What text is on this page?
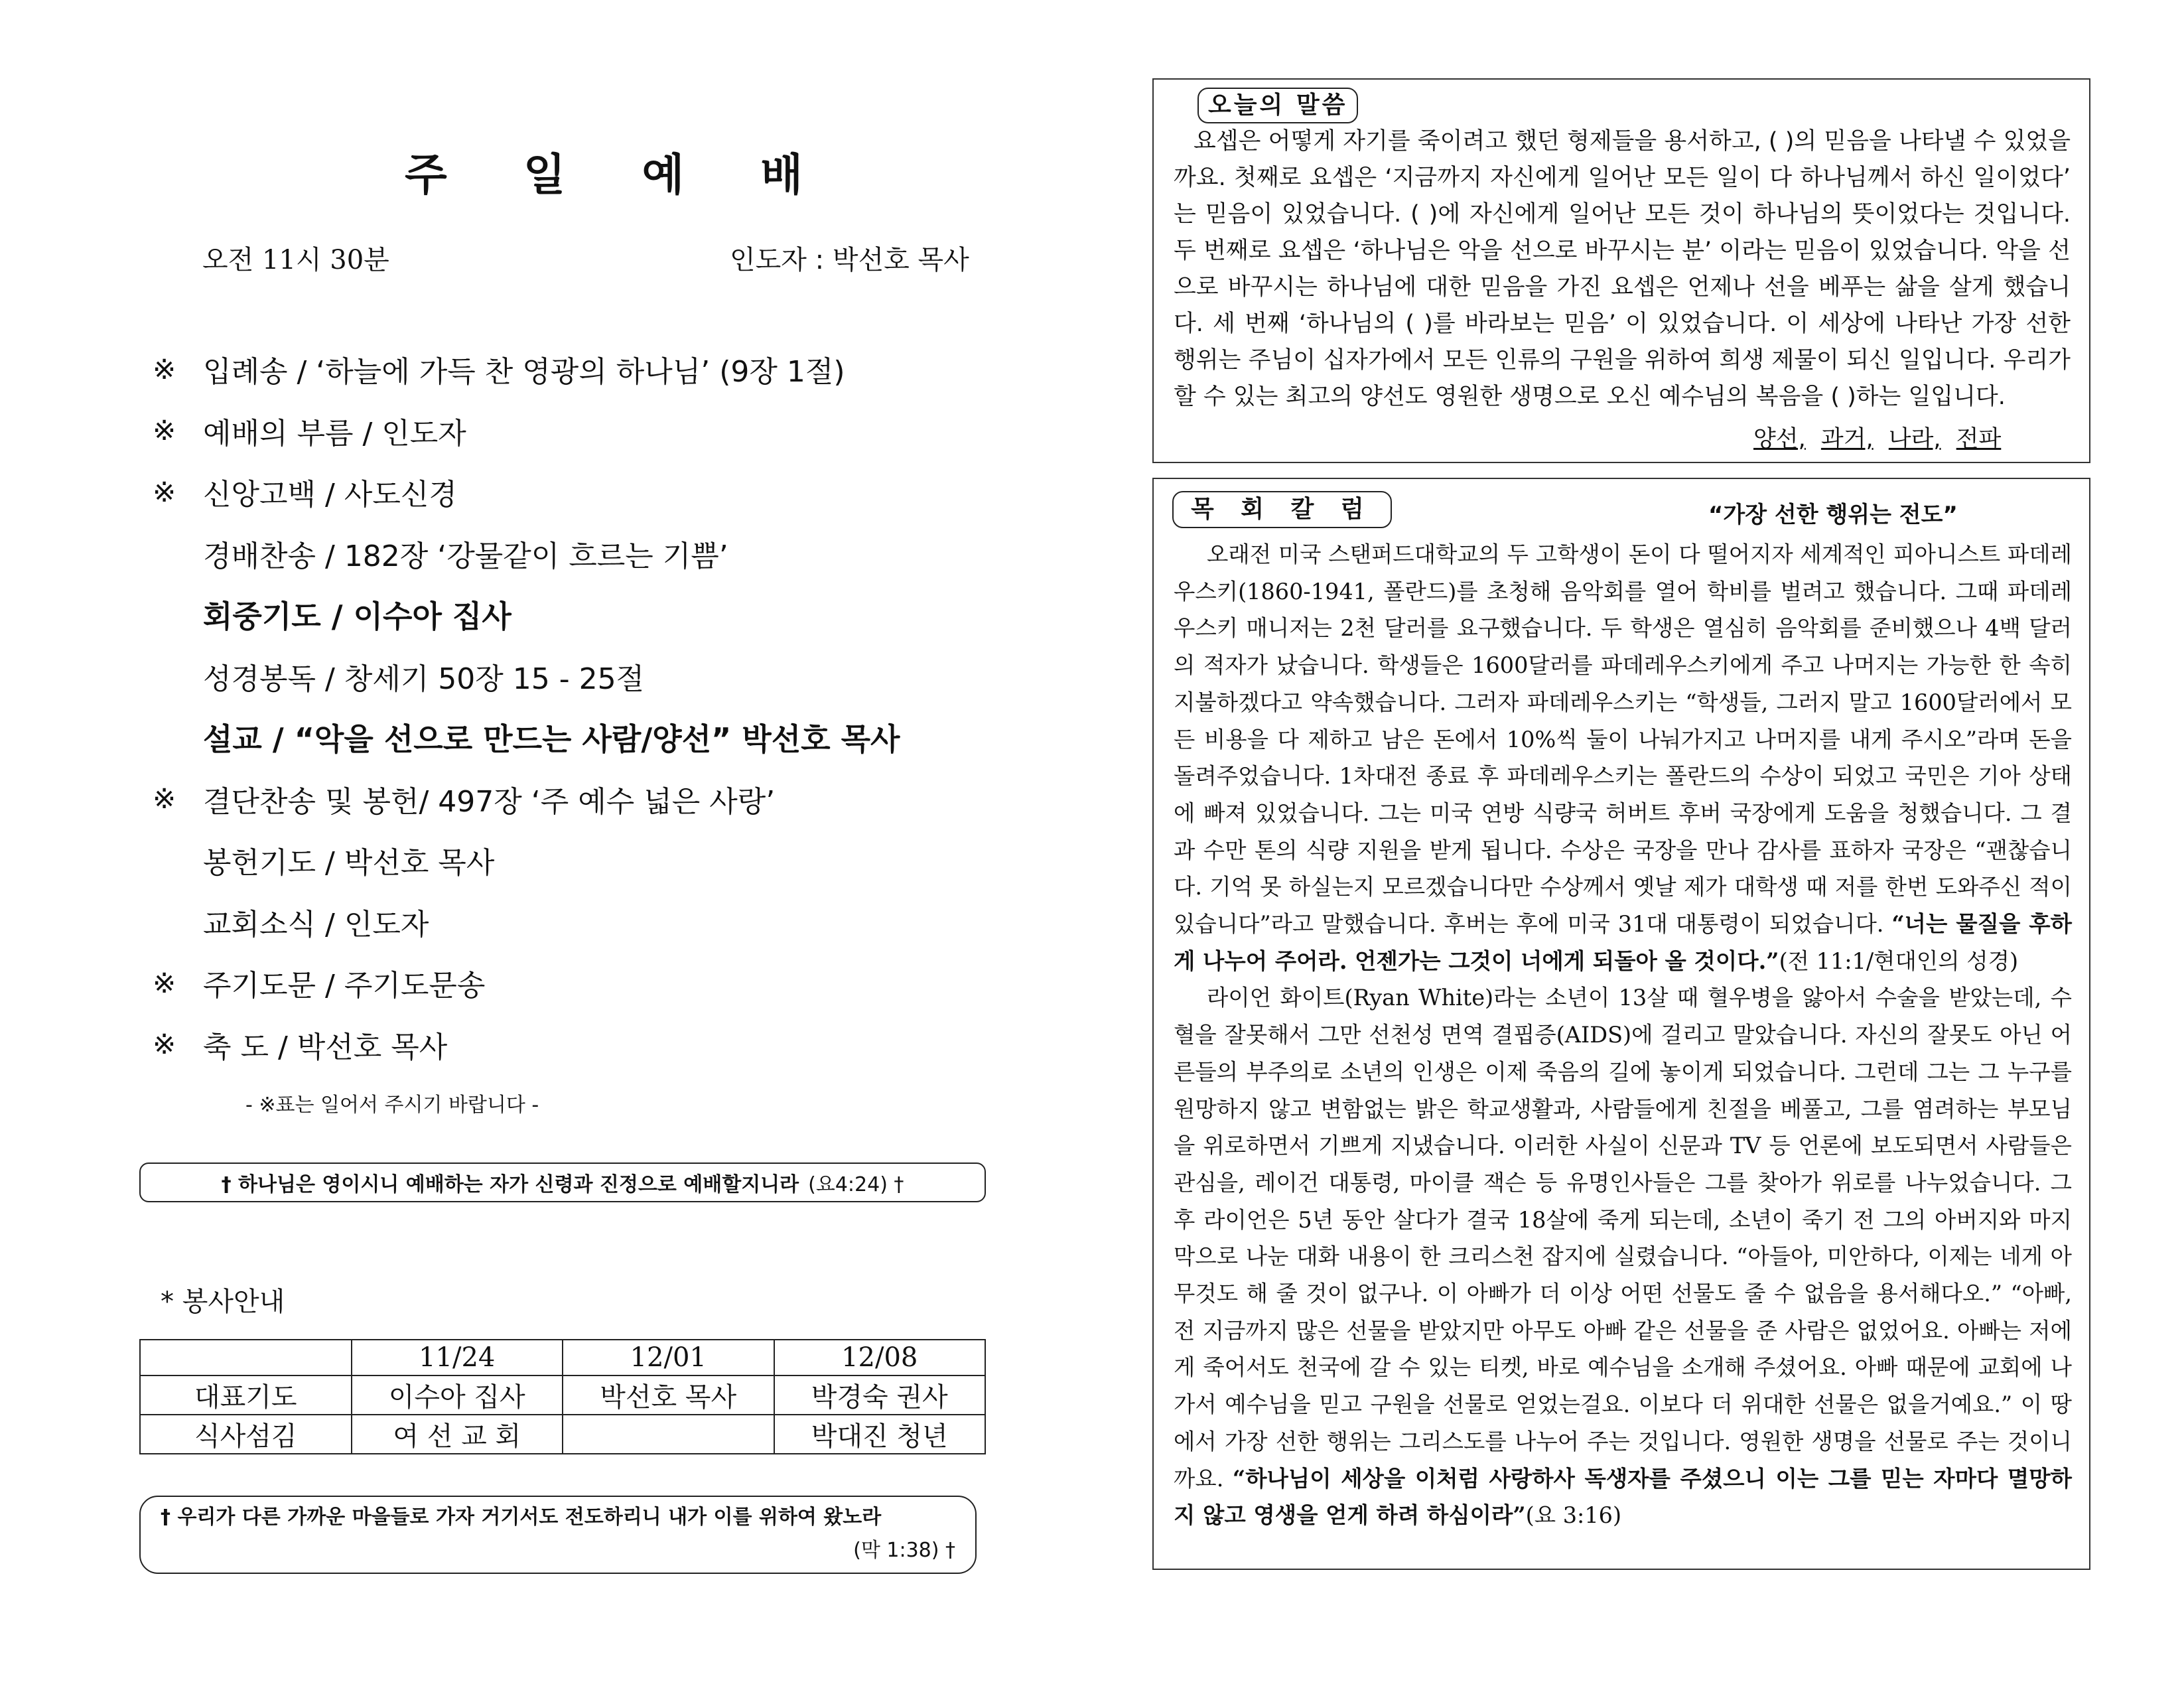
주 일 예 배
오전 11시 30분	인도자 : 박선호 목사
※ 입례송 / ‘하늘에 가득 찬 영광의 하나님’ (9장 1절)
※ 예배의 부름 / 인도자
※ 신앙고백 / 사도신경
경배찬송 / 182장 ‘강물같이 흐르는 기쁨’
회중기도 / 이수아 집사
성경봉독 / 창세기 50장 15 - 25절
설교 / “악을 선으로 만드는 사람/양선” 박선호 목사
※ 결단찬송 및 봉헌/ 497장 ‘주 예수 넓은 사랑’
봉헌기도 / 박선호 목사
교회소식 / 인도자
※ 주기도문 / 주기도문송
※ 축 도 / 박선호 목사
- ※표는 일어서 주시기 바랍니다 -
† 하나님은 영이시니 예배하는 자가 신령과 진정으로 예배할지니라 (요4:24) †
* 봉사안내
	11/24	12/01	12/08
대표기도	이수아 집사	박선호 목사	박경숙 권사
식사섬김	여 선 교 회		박대진 청년
† 우리가 다른 가까운 마을들로 가자 거기서도 전도하리니 내가 이를 위하여 왔노라
(막 1:38) †
오늘의 말씀
요셉은 어떻게 자기를 죽이려고 했던 형제들을 용서하고, ( )의 믿음을 나타낼 수 있었을까요. 첫째로 요셉은 ‘지금까지 자신에게 일어난 모든 일이 다 하나님께서 하신 일이었다’ 는 믿음이 있었습니다. ( )에 자신에게 일어난 모든 것이 하나님의 뜻이었다는 것입니다. 두 번째로 요셉은 ‘하나님은 악을 선으로 바꾸시는 분’ 이라는 믿음이 있었습니다. 악을 선으로 바꾸시는 하나님에 대한 믿음을 가진 요셉은 언제나 선을 베푸는 삶을 살게 했습니다. 세 번째 ‘하나님의 ( )를 바라보는 믿음’ 이 있었습니다. 이 세상에 나타난 가장 선한 행위는 주님이 십자가에서 모든 인류의 구원을 위하여 희생 제물이 되신 일입니다. 우리가 할 수 있는 최고의 양선도 영원한 생명으로 오신 예수님의 복음을 ( )하는 일입니다.
양선, 과거, 나라, 전파
목 회 칼 럼	“가장 선한 행위는 전도”

오래전 미국 스탠퍼드대학교의 두 고학생이 돈이 다 떨어지자 세계적인 피아니스트 파데레우스키(1860-1941, 폴란드)를 초청해 음악회를 열어 학비를 벌려고 했습니다. 그때 파데레우스키 매니저는 2천 달러를 요구했습니다. 두 학생은 열심히 음악회를 준비했으나 4백 달러의 적자가 났습니다. 학생들은 1600달러를 파데레우스키에게 주고 나머지는 가능한 한 속히 지불하겠다고 약속했습니다. 그러자 파데레우스키는 “학생들, 그러지 말고 1600달러에서 모든 비용을 다 제하고 남은 돈에서 10%씩 둘이 나눠가지고 나머지를 내게 주시오”라며 돈을 돌려주었습니다. 1차대전 종료 후 파데레우스키는 폴란드의 수상이 되었고 국민은 기아 상태에 빠져 있었습니다. 그는 미국 연방 식량국 허버트 후버 국장에게 도움을 청했습니다. 그 결과 수만 톤의 식량 지원을 받게 됩니다. 수상은 국장을 만나 감사를 표하자 국장은 “괜찮습니다. 기억 못 하실는지 모르겠습니다만 수상께서 옛날 제가 대학생 때 저를 한번 도와주신 적이 있습니다”라고 말했습니다. 후버는 후에 미국 31대 대통령이 되었습니다. “너는 물질을 후하게 나누어 주어라. 언젠가는 그것이 너에게 되돌아 올 것이다.”(전 11:1/현대인의 성경)

라이언 화이트(Ryan White)라는 소년이 13살 때 혈우병을 앓아서 수술을 받았는데, 수혈을 잘못해서 그만 선천성 면역 결핍증(AIDS)에 걸리고 말았습니다. 자신의 잘못도 아닌 어른들의 부주의로 소년의 인생은 이제 죽음의 길에 놓이게 되었습니다. 그런데 그는 그 누구를 원망하지 않고 변함없는 밝은 학교생활과, 사람들에게 친절을 베풀고, 그를 염려하는 부모님을 위로하면서 기쁘게 지냈습니다. 이러한 사실이 신문과 TV 등 언론에 보도되면서 사람들은 관심을, 레이건 대통령, 마이클 잭슨 등 유명인사들은 그를 찾아가 위로를 나누었습니다. 그 후 라이언은 5년 동안 살다가 결국 18살에 죽게 되는데, 소년이 죽기 전 그의 아버지와 마지막으로 나눈 대화 내용이 한 크리스천 잡지에 실렸습니다. “아들아, 미안하다, 이제는 네게 아무것도 해 줄 것이 없구나. 이 아빠가 더 이상 어떤 선물도 줄 수 없음을 용서해다오.” “아빠, 전 지금까지 많은 선물을 받았지만 아무도 아빠 같은 선물을 준 사람은 없었어요. 아빠는 저에게 죽어서도 천국에 갈 수 있는 티켓, 바로 예수님을 소개해 주셨어요. 아빠 때문에 교회에 나가서 예수님을 믿고 구원을 선물로 얻었는걸요. 이보다 더 위대한 선물은 없을거예요.” 이 땅에서 가장 선한 행위는 그리스도를 나누어 주는 것입니다. 영원한 생명을 선물로 주는 것이니까요. “하나님이 세상을 이처럼 사랑하사 독생자를 주셨으니 이는 그를 믿는 자마다 멸망하지 않고 영생을 얻게 하려 하심이라”(요 3:16)
